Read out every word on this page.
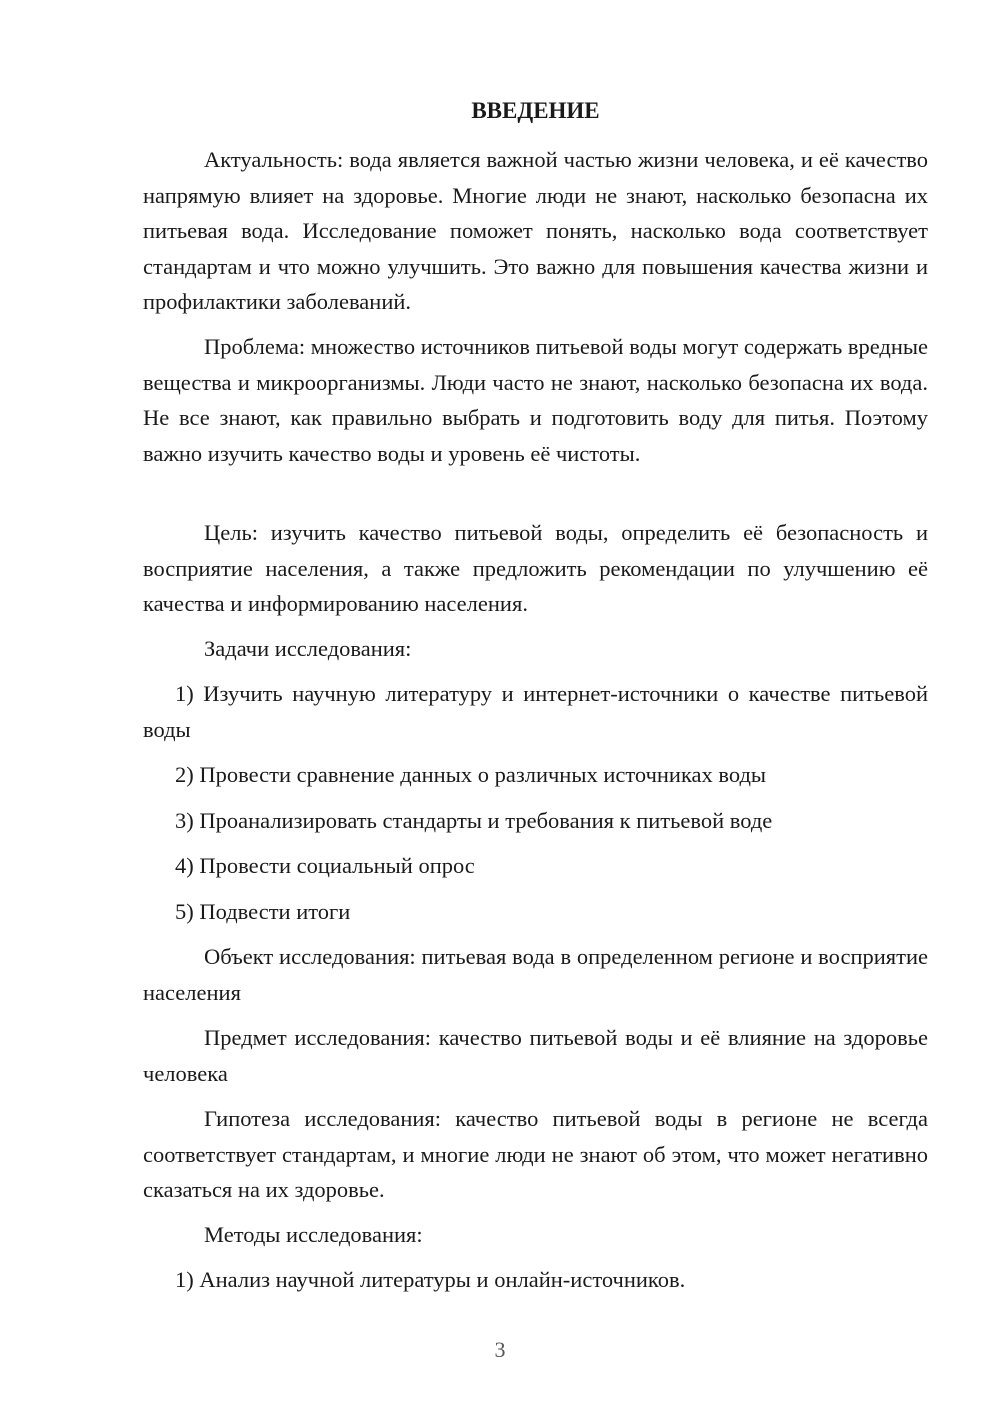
ВВЕДЕНИЕ

Актуальность: вода является важной частью жизни человека, и её качество напрямую влияет на здоровье. Многие люди не знают, насколько безопасна их питьевая вода. Исследование поможет понять, насколько вода соответствует стандартам и что можно улучшить. Это важно для повышения качества жизни и профилактики заболеваний.

Проблема: множество источников питьевой воды могут содержать вредные вещества и микроорганизмы. Люди часто не знают, насколько безопасна их вода. Не все знают, как правильно выбрать и подготовить воду для питья. Поэтому важно изучить качество воды и уровень её чистоты.

Цель: изучить качество питьевой воды, определить её безопасность и восприятие населения, а также предложить рекомендации по улучшению её качества и информированию населения.

Задачи исследования:

1) Изучить научную литературу и интернет-источники о качестве питьевой воды

2) Провести сравнение данных о различных источниках воды

3) Проанализировать стандарты и требования к питьевой воде

4) Провести социальный опрос

5) Подвести итоги

Объект исследования: питьевая вода в определенном регионе и восприятие населения

Предмет исследования: качество питьевой воды и её влияние на здоровье человека

Гипотеза исследования: качество питьевой воды в регионе не всегда соответствует стандартам, и многие люди не знают об этом, что может негативно сказаться на их здоровье.

Методы исследования:

1) Анализ научной литературы и онлайн-источников.

3
